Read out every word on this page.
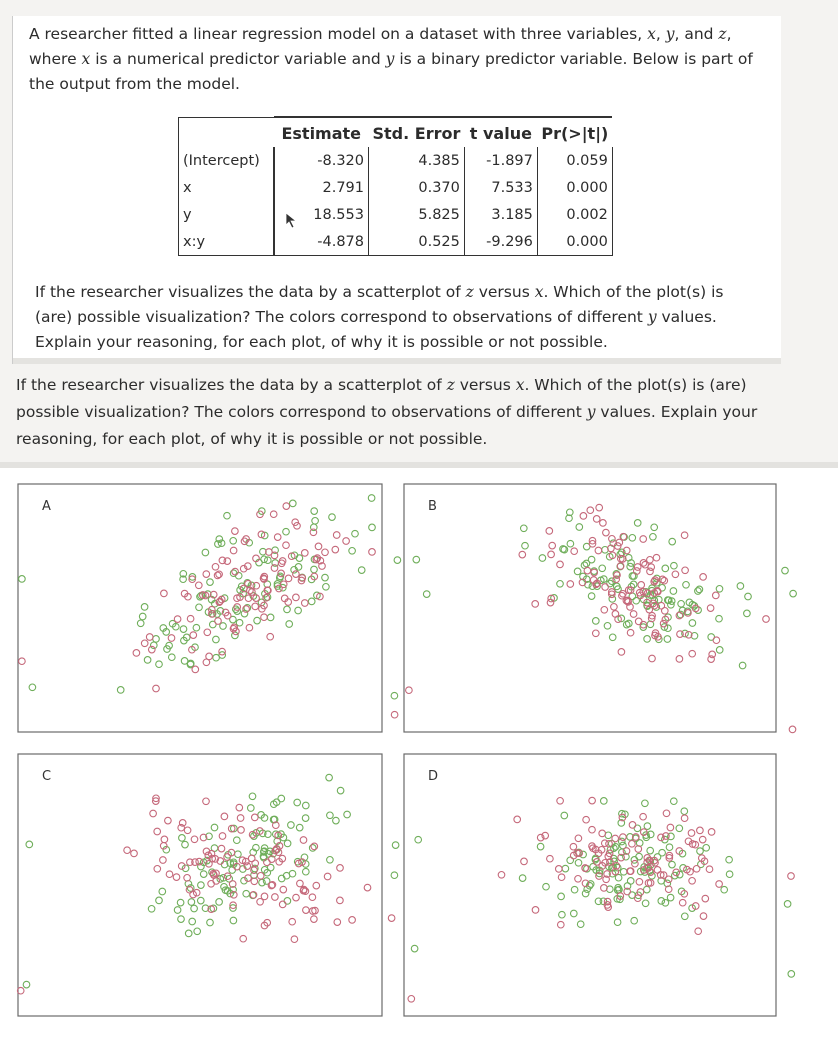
A researcher fitted a linear regression model on a dataset with three variables, x, y, and z, where x is a numerical predictor variable and y is a binary predictor variable. Below is part of the output from the model.

	Estimate	Std. Error	t value	Pr(>|t|)
(Intercept)	-8.320	4.385	-1.897	0.059
x	2.791	0.370	7.533	0.000
y	18.553	5.825	3.185	0.002
x:y	-4.878	0.525	-9.296	0.000

If the researcher visualizes the data by a scatterplot of z versus x. Which of the plot(s) is (are) possible visualization? The colors correspond to observations of different y values. Explain your reasoning, for each plot, of why it is possible or not possible.

If the researcher visualizes the data by a scatterplot of z versus x. Which of the plot(s) is (are) possible visualization? The colors correspond to observations of different y values. Explain your reasoning, for each plot, of why it is possible or not possible.

A	B
C	D
